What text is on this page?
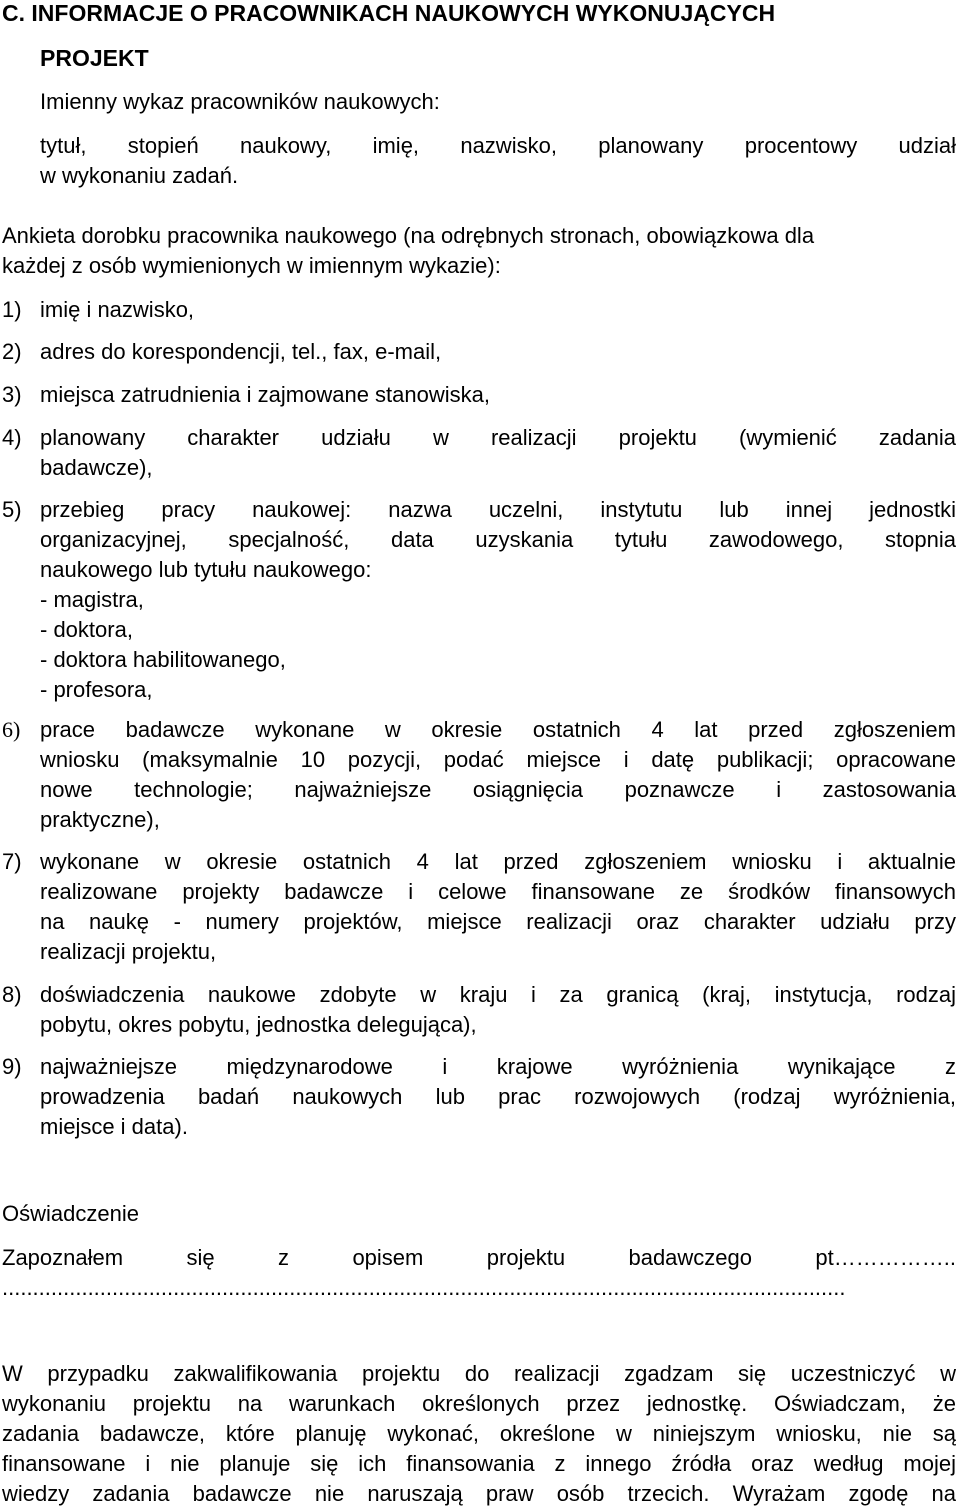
C. INFORMACJE O PRACOWNIKACH NAUKOWYCH WYKONUJĄCYCH
PROJEKT
Imienny wykaz pracowników naukowych:
tytuł, stopień naukowy, imię, nazwisko, planowany procentowy udział
w wykonaniu zadań.
Ankieta dorobku pracownika naukowego (na odrębnych stronach, obowiązkowa dla
każdej z osób wymienionych w imiennym wykazie):
1) imię i nazwisko,
2) adres do korespondencji, tel., fax, e-mail,
3) miejsca zatrudnienia i zajmowane stanowiska,
4) planowany charakter udziału w realizacji projektu (wymienić zadania
badawcze),
5) przebieg pracy naukowej: nazwa uczelni, instytutu lub innej jednostki
organizacyjnej, specjalność, data uzyskania tytułu zawodowego, stopnia
naukowego lub tytułu naukowego:
- magistra,
- doktora,
- doktora habilitowanego,
- profesora,
6) prace badawcze wykonane w okresie ostatnich 4 lat przed zgłoszeniem
wniosku (maksymalnie 10 pozycji, podać miejsce i datę publikacji; opracowane
nowe technologie; najważniejsze osiągnięcia poznawcze i zastosowania
praktyczne),
7) wykonane w okresie ostatnich 4 lat przed zgłoszeniem wniosku i aktualnie
realizowane projekty badawcze i celowe finansowane ze środków finansowych
na naukę - numery projektów, miejsce realizacji oraz charakter udziału przy
realizacji projektu,
8) doświadczenia naukowe zdobyte w kraju i za granicą (kraj, instytucja, rodzaj
pobytu, okres pobytu, jednostka delegująca),
9) najważniejsze międzynarodowe i krajowe wyróżnienia wynikające z
prowadzenia badań naukowych lub prac rozwojowych (rodzaj wyróżnienia,
miejsce i data).
Oświadczenie
Zapoznałem się z opisem projektu badawczego pt……………..
..........................................................................................................................................
W przypadku zakwalifikowania projektu do realizacji zgadzam się uczestniczyć w
wykonaniu projektu na warunkach określonych przez jednostkę. Oświadczam, że
zadania badawcze, które planuję wykonać, określone w niniejszym wniosku, nie są
finansowane i nie planuje się ich finansowania z innego źródła oraz według mojej
wiedzy zadania badawcze nie naruszają praw osób trzecich. Wyrażam zgodę na
